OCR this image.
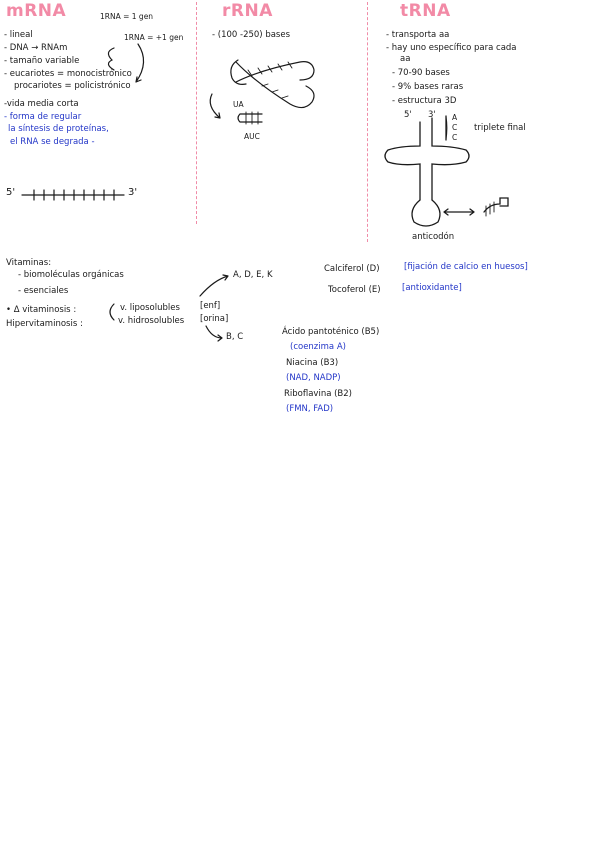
mRNA	1RNA = 1 gen
1RNA = +1 gen
- lineal
- DNA → RNAm
- tamaño variable
- eucariotes = monocistrónico
procariotes = policistrónico
-vida media corta
- forma de regular
la síntesis de proteínas,
el RNA se degrada -
5'	3'
rRNA
- (100 -250) bases
UA
AUC
tRNA
- transporta aa
- hay uno específico para cada
aa
- 70-90 bases
- 9% bases raras
- estructura 3D
5' 3' A
C
C
triplete final
anticodón
Vitaminas:
- biomoléculas orgánicas
- esenciales
• Δ vitaminosis :
Hipervitaminosis :
v. liposolubles [enf]
v. hidrosolubles [orina]
A, D, E, K
B, C
Calciferol (D)	[fijación de calcio en huesos]
Tocoferol (E)	[antioxidante]
Ácido pantoténico (B5)
(coenzima A)
Niacina (B3)
(NAD, NADP)
Riboflavina (B2)
(FMN, FAD)
